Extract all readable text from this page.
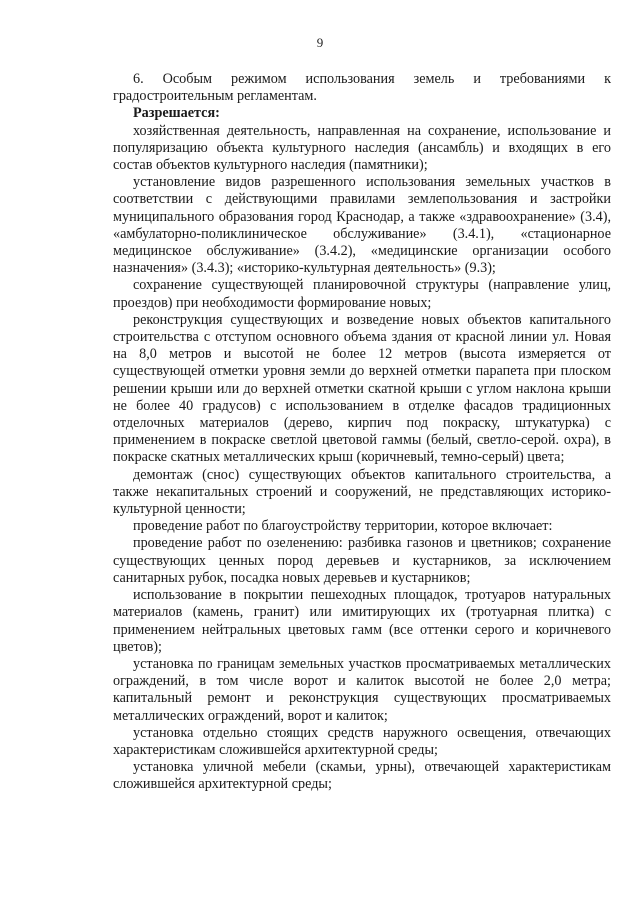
9

6. Особым режимом использования земель и требованиями к градостроительным регламентам.

Разрешается:

хозяйственная деятельность, направленная на сохранение, использование и популяризацию объекта культурного наследия (ансамбль) и входящих в его состав объектов культурного наследия (памятники);

установление видов разрешенного использования земельных участков в соответствии с действующими правилами землепользования и застройки муниципального образования город Краснодар, а также «здравоохранение» (3.4), «амбулаторно-поликлиническое обслуживание» (3.4.1), «стационарное медицинское обслуживание» (3.4.2), «медицинские организации особого назначения» (3.4.3); «историко-культурная деятельность» (9.3);

сохранение существующей планировочной структуры (направление улиц, проездов) при необходимости формирование новых;

реконструкция существующих и возведение новых объектов капитального строительства с отступом основного объема здания от красной линии ул. Новая на 8,0 метров и высотой не более 12 метров (высота измеряется от существующей отметки уровня земли до верхней отметки парапета при плоском решении крыши или до верхней отметки скатной крыши с углом наклона крыши не более 40 градусов) с использованием в отделке фасадов традиционных отделочных материалов (дерево, кирпич под покраску, штукатурка) с применением в покраске светлой цветовой гаммы (белый, светло-серой. охра), в покраске скатных металлических крыш (коричневый, темно-серый) цвета;

демонтаж (снос) существующих объектов капитального строительства, а также некапитальных строений и сооружений, не представляющих историко-культурной ценности;

проведение работ по благоустройству территории, которое включает:

проведение работ по озеленению: разбивка газонов и цветников; сохранение существующих ценных пород деревьев и кустарников, за исключением санитарных рубок, посадка новых деревьев и кустарников;

использование в покрытии пешеходных площадок, тротуаров натуральных материалов (камень, гранит) или имитирующих их (тротуарная плитка) с применением нейтральных цветовых гамм (все оттенки серого и коричневого цветов);

установка по границам земельных участков просматриваемых металлических ограждений, в том числе ворот и калиток высотой не более 2,0 метра; капитальный ремонт и реконструкция существующих просматриваемых металлических ограждений, ворот и калиток;

установка отдельно стоящих средств наружного освещения, отвечающих характеристикам сложившейся архитектурной среды;

установка уличной мебели (скамьи, урны), отвечающей характеристикам сложившейся архитектурной среды;
